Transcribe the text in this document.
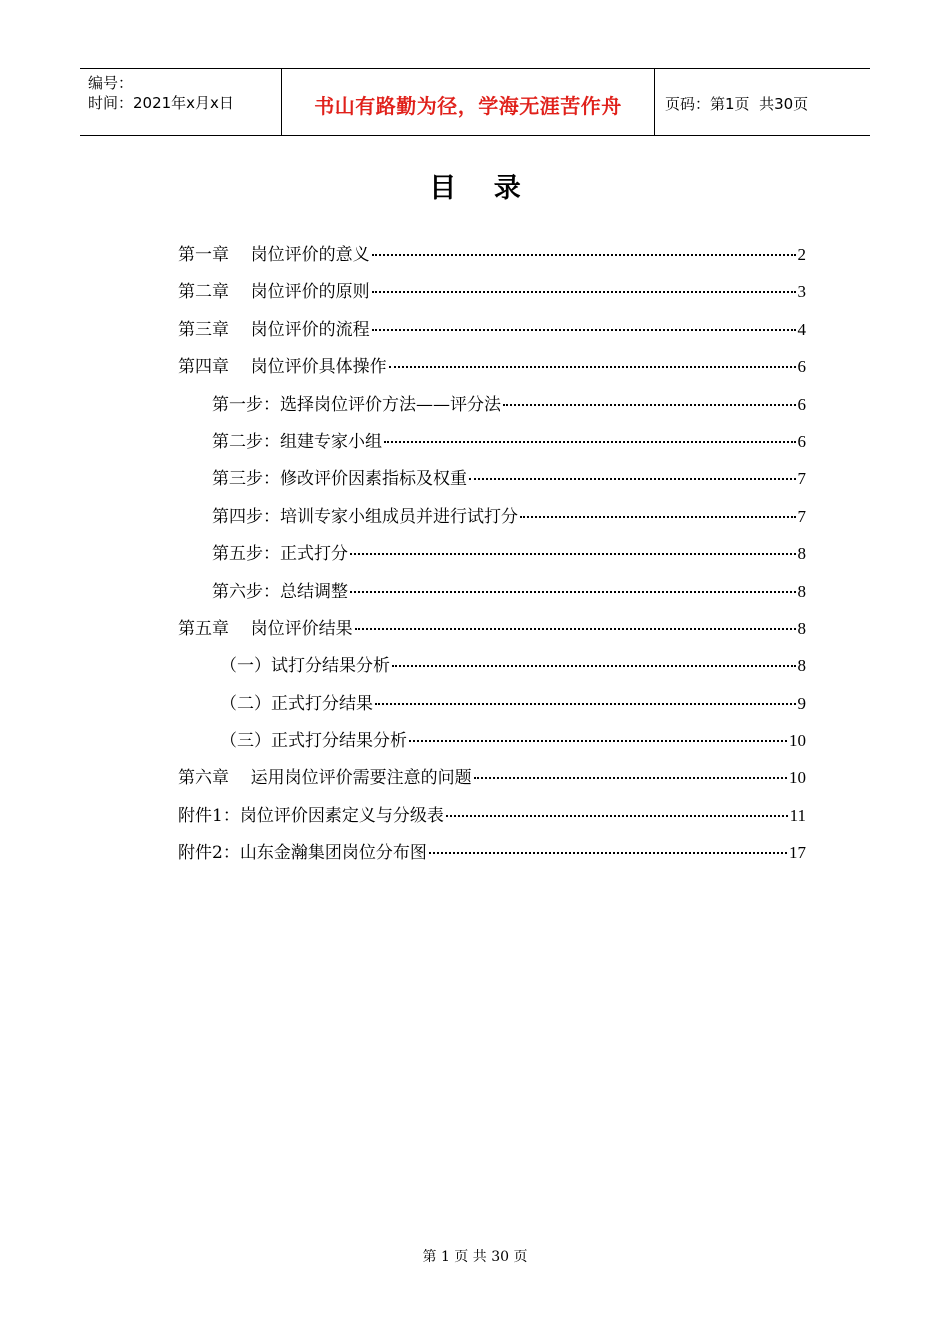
编号：
时间：2021年x月x日	书山有路勤为径，学海无涯苦作舟	页码：第1页  共30页
目    录
第一章    岗位评价的意义	2
第二章    岗位评价的原则	3
第三章    岗位评价的流程	4
第四章    岗位评价具体操作	6
第一步：选择岗位评价方法——评分法	6
第二步：组建专家小组	6
第三步：修改评价因素指标及权重	7
第四步：培训专家小组成员并进行试打分	7
第五步：正式打分	8
第六步：总结调整	8
第五章    岗位评价结果	8
（一）试打分结果分析	8
（二）正式打分结果	9
（三）正式打分结果分析	10
第六章    运用岗位评价需要注意的问题	10
附件1：岗位评价因素定义与分级表	11
附件2：山东金瀚集团岗位分布图	17
第 1 页 共 30 页
